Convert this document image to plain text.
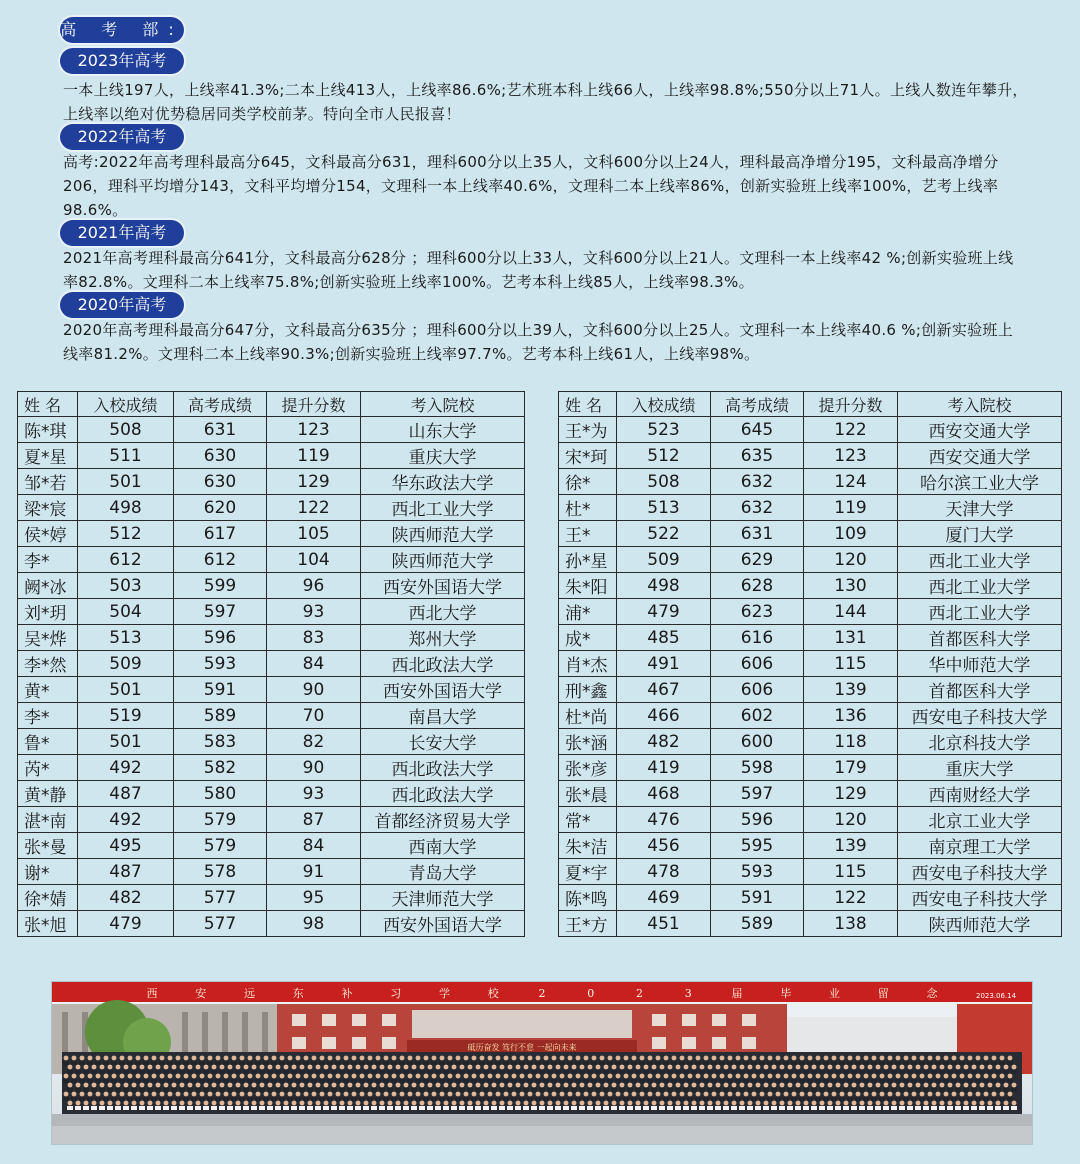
高 考 部:
2023年高考
一本上线197人，上线率41.3%;二本上线413人，上线率86.6%;艺术班本科上线66人，上线率98.8%;550分以上71人。上线人数连年攀升，上线率以绝对优势稳居同类学校前茅。特向全市人民报喜！
2022年高考
高考:2022年高考理科最高分645，文科最高分631，理科600分以上35人，文科600分以上24人，理科最高净增分195，文科最高净增分206，理科平均增分143，文科平均增分154，文理科一本上线率40.6%，文理科二本上线率86%，创新实验班上线率100%，艺考上线率 98.6%。
2021年高考
2021年高考理科最高分641分，文科最高分628分 ；理科600分以上33人，文科600分以上21人。文理科一本上线率42 %;创新实验班上线率82.8%。文理科二本上线率75.8%;创新实验班上线率100%。艺考本科上线85人，上线率98.3%。
2020年高考
2020年高考理科最高分647分，文科最高分635分 ；理科600分以上39人，文科600分以上25人。文理科一本上线率40.6 %;创新实验班上线率81.2%。文理科二本上线率90.3%;创新实验班上线率97.7%。艺考本科上线61人，上线率98%。
姓 名	入校成绩	高考成绩	提升分数	考入院校
陈*琪	508	631	123	山东大学
夏*星	511	630	119	重庆大学
邹*若	501	630	129	华东政法大学
梁*宸	498	620	122	西北工业大学
侯*婷	512	617	105	陕西师范大学
李*	612	612	104	陕西师范大学
阙*冰	503	599	96	西安外国语大学
刘*玥	504	597	93	西北大学
吴*烨	513	596	83	郑州大学
李*然	509	593	84	西北政法大学
黄*	501	591	90	西安外国语大学
李*	519	589	70	南昌大学
鲁*	501	583	82	长安大学
芮*	492	582	90	西北政法大学
黄*静	487	580	93	西北政法大学
湛*南	492	579	87	首都经济贸易大学
张*曼	495	579	84	西南大学
谢*	487	578	91	青岛大学
徐*婧	482	577	95	天津师范大学
张*旭	479	577	98	西安外国语大学
姓 名	入校成绩	高考成绩	提升分数	考入院校
王*为	523	645	122	西安交通大学
宋*珂	512	635	123	西安交通大学
徐*	508	632	124	哈尔滨工业大学
杜*	513	632	119	天津大学
王*	522	631	109	厦门大学
孙*星	509	629	120	西北工业大学
朱*阳	498	628	130	西北工业大学
浦*	479	623	144	西北工业大学
成*	485	616	131	首都医科大学
肖*杰	491	606	115	华中师范大学
刑*鑫	467	606	139	首都医科大学
杜*尚	466	602	136	西安电子科技大学
张*涵	482	600	118	北京科技大学
张*彦	419	598	179	重庆大学
张*晨	468	597	129	西南财经大学
常*	476	596	120	北京工业大学
朱*洁	456	595	139	南京理工大学
夏*宇	478	593	115	西安电子科技大学
陈*鸣	469	591	122	西安电子科技大学
王*方	451	589	138	陕西师范大学
西	安	远	东	补	习	学	校	2	0	2	3	届	毕	业	留	念	2023.06.14
砥历奋发 笃行不怠 一起向未来
